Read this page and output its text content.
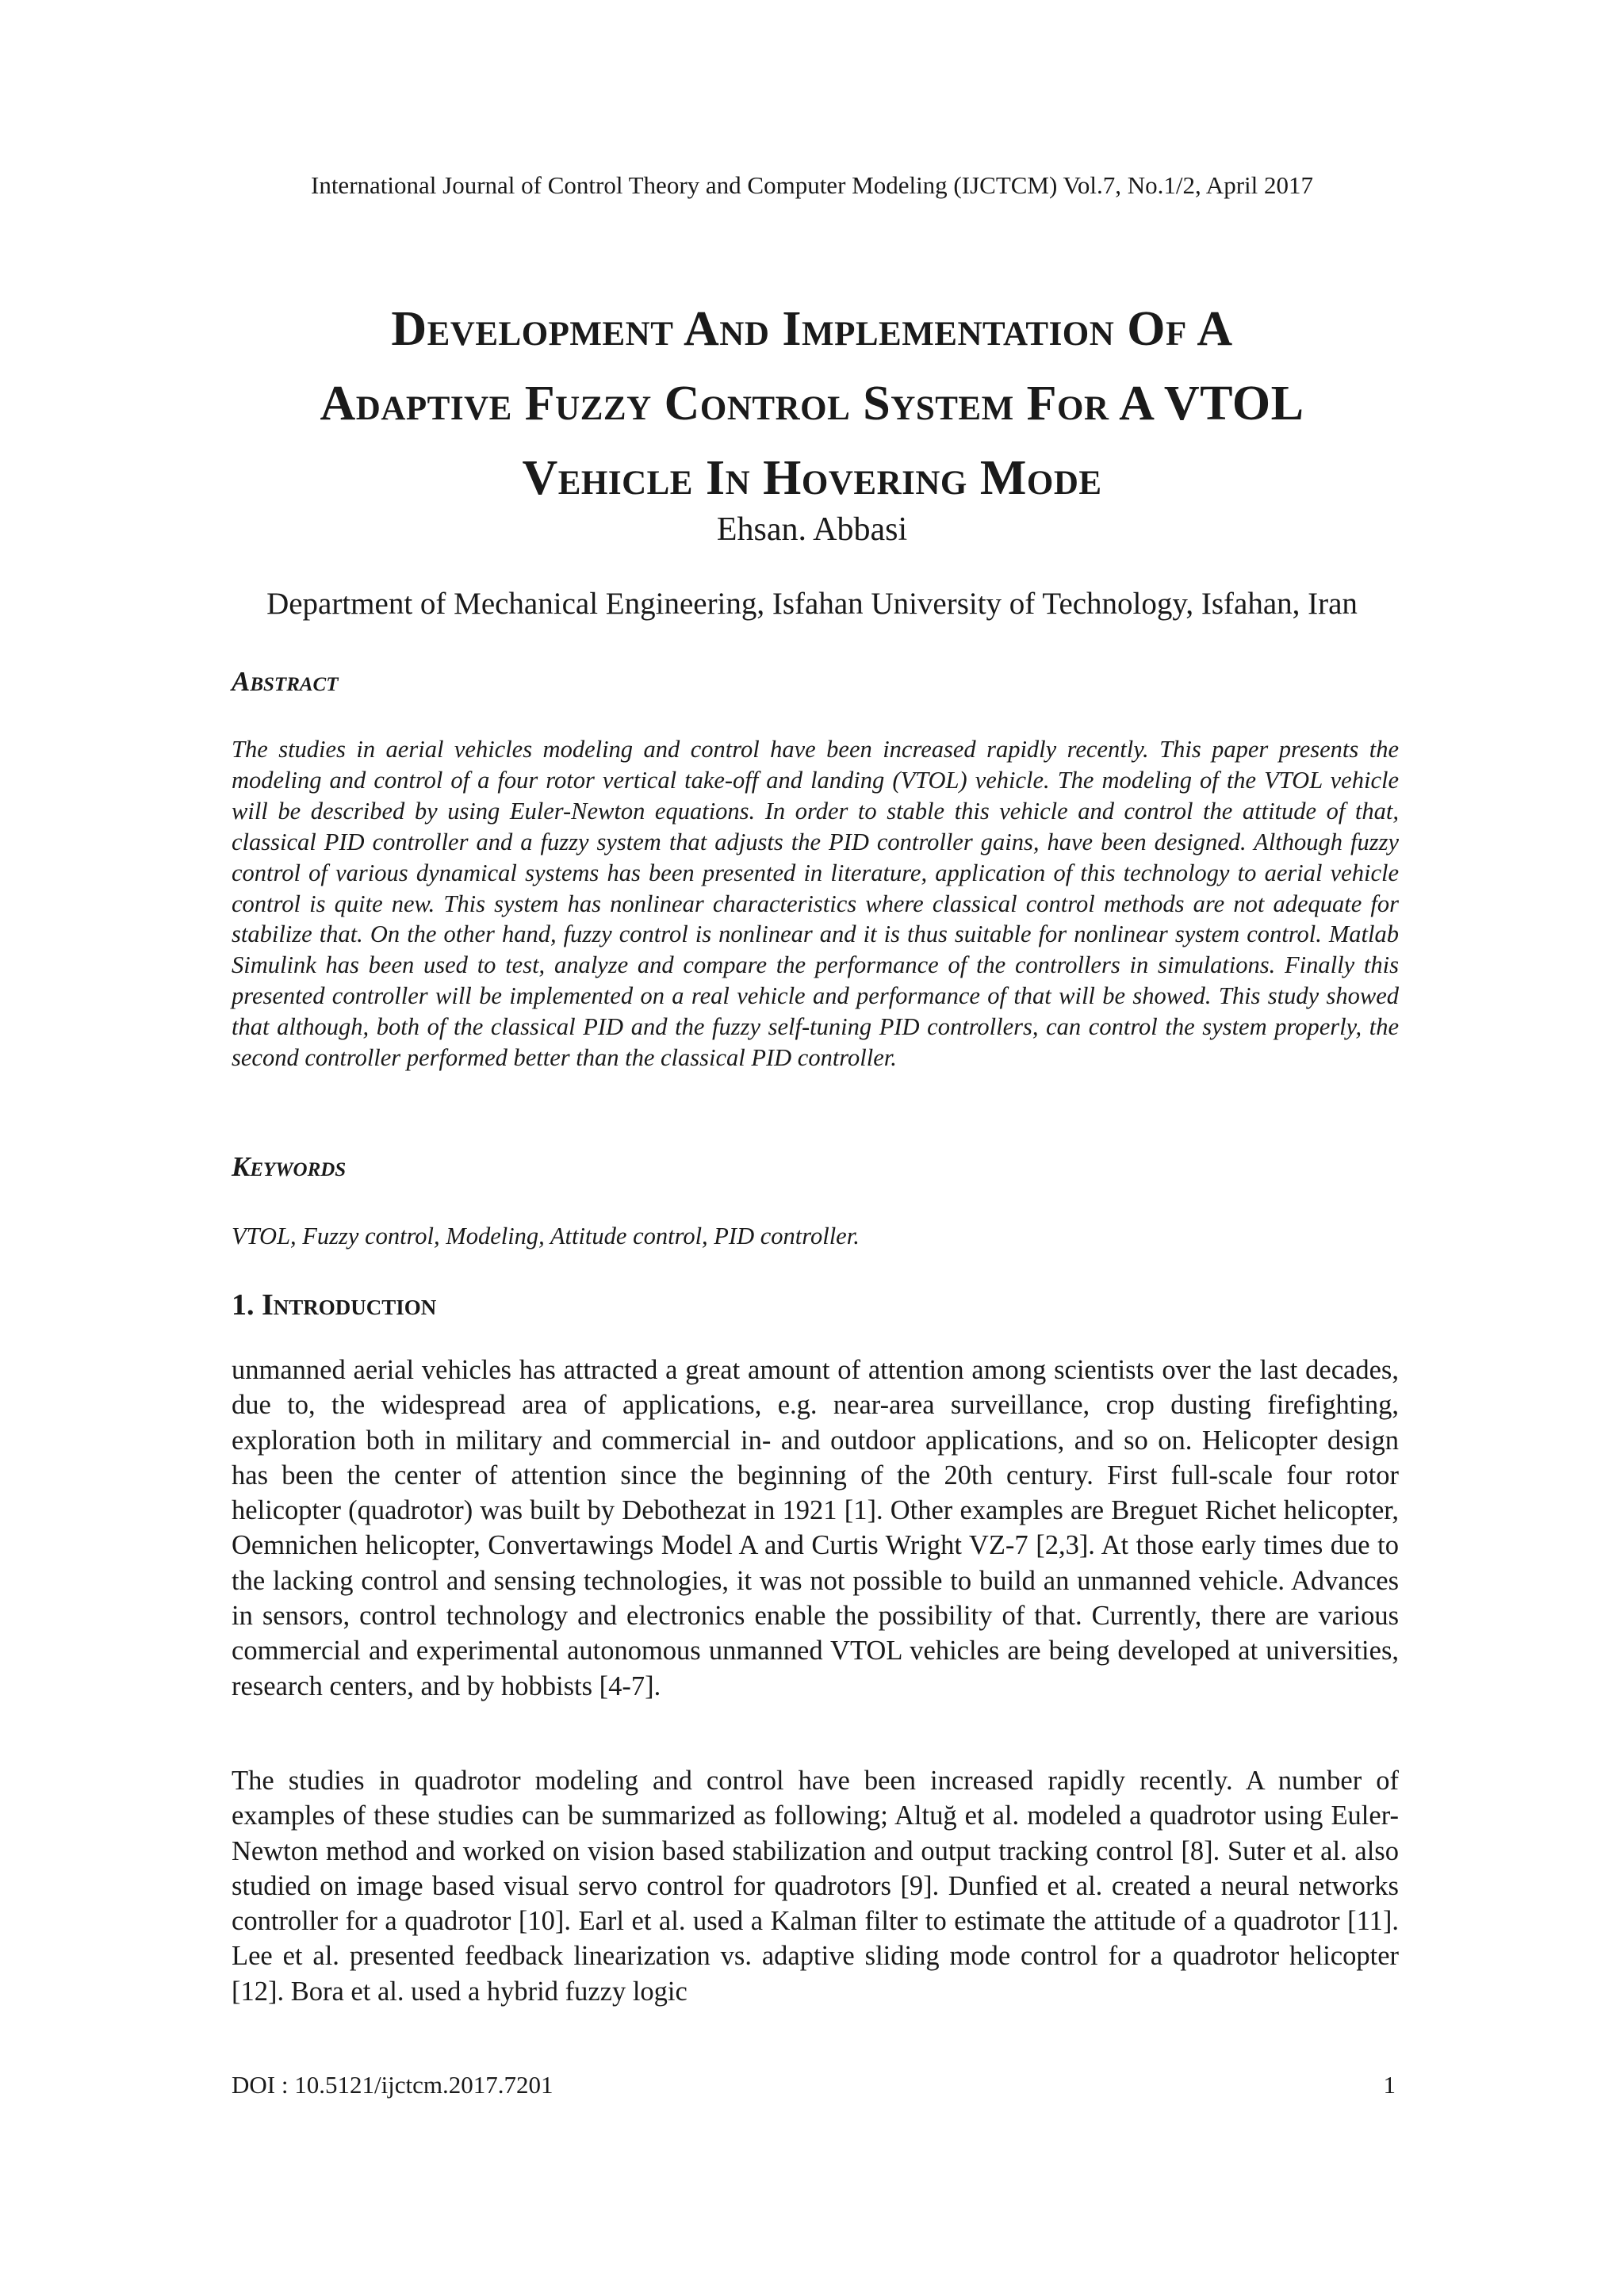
International Journal of Control Theory and Computer Modeling (IJCTCM) Vol.7, No.1/2, April 2017
Development And Implementation Of A
Adaptive Fuzzy Control System For A VTOL
Vehicle In Hovering Mode
Ehsan. Abbasi
Department of Mechanical Engineering, Isfahan University of Technology, Isfahan, Iran
Abstract
The studies in aerial vehicles modeling and control have been increased rapidly recently. This paper presents the modeling and control of a four rotor vertical take-off and landing (VTOL) vehicle. The modeling of the VTOL vehicle will be described by using Euler-Newton equations. In order to stable this vehicle and control the attitude of that, classical PID controller and a fuzzy system that adjusts the PID controller gains, have been designed. Although fuzzy control of various dynamical systems has been presented in literature, application of this technology to aerial vehicle control is quite new. This system has nonlinear characteristics where classical control methods are not adequate for stabilize that. On the other hand, fuzzy control is nonlinear and it is thus suitable for nonlinear system control. Matlab Simulink has been used to test, analyze and compare the performance of the controllers in simulations. Finally this presented controller will be implemented on a real vehicle and performance of that will be showed. This study showed that although, both of the classical PID and the fuzzy self-tuning PID controllers, can control the system properly, the second controller performed better than the classical PID controller.
Keywords
VTOL, Fuzzy control, Modeling, Attitude control, PID controller.
1. Introduction
unmanned aerial vehicles has attracted a great amount of attention among scientists over the last decades, due to, the widespread area of applications, e.g. near-area surveillance, crop dusting firefighting, exploration both in military and commercial in- and outdoor applications, and so on. Helicopter design has been the center of attention since the beginning of the 20th century. First full-scale four rotor helicopter (quadrotor) was built by Debothezat in 1921 [1]. Other examples are Breguet Richet helicopter, Oemnichen helicopter, Convertawings Model A and Curtis Wright VZ-7 [2,3]. At those early times due to the lacking control and sensing technologies, it was not possible to build an unmanned vehicle. Advances in sensors, control technology and electronics enable the possibility of that. Currently, there are various commercial and experimental autonomous unmanned VTOL vehicles are being developed at universities, research centers, and by hobbists [4-7].
The studies in quadrotor modeling and control have been increased rapidly recently. A number of examples of these studies can be summarized as following; Altuğ et al. modeled a quadrotor using Euler-Newton method and worked on vision based stabilization and output tracking control [8]. Suter et al. also studied on image based visual servo control for quadrotors [9]. Dunfied et al. created a neural networks controller for a quadrotor [10]. Earl et al. used a Kalman filter to estimate the attitude of a quadrotor [11]. Lee et al. presented feedback linearization vs. adaptive sliding mode control for a quadrotor helicopter [12]. Bora et al. used a hybrid fuzzy logic
DOI : 10.5121/ijctcm.2017.7201	1
